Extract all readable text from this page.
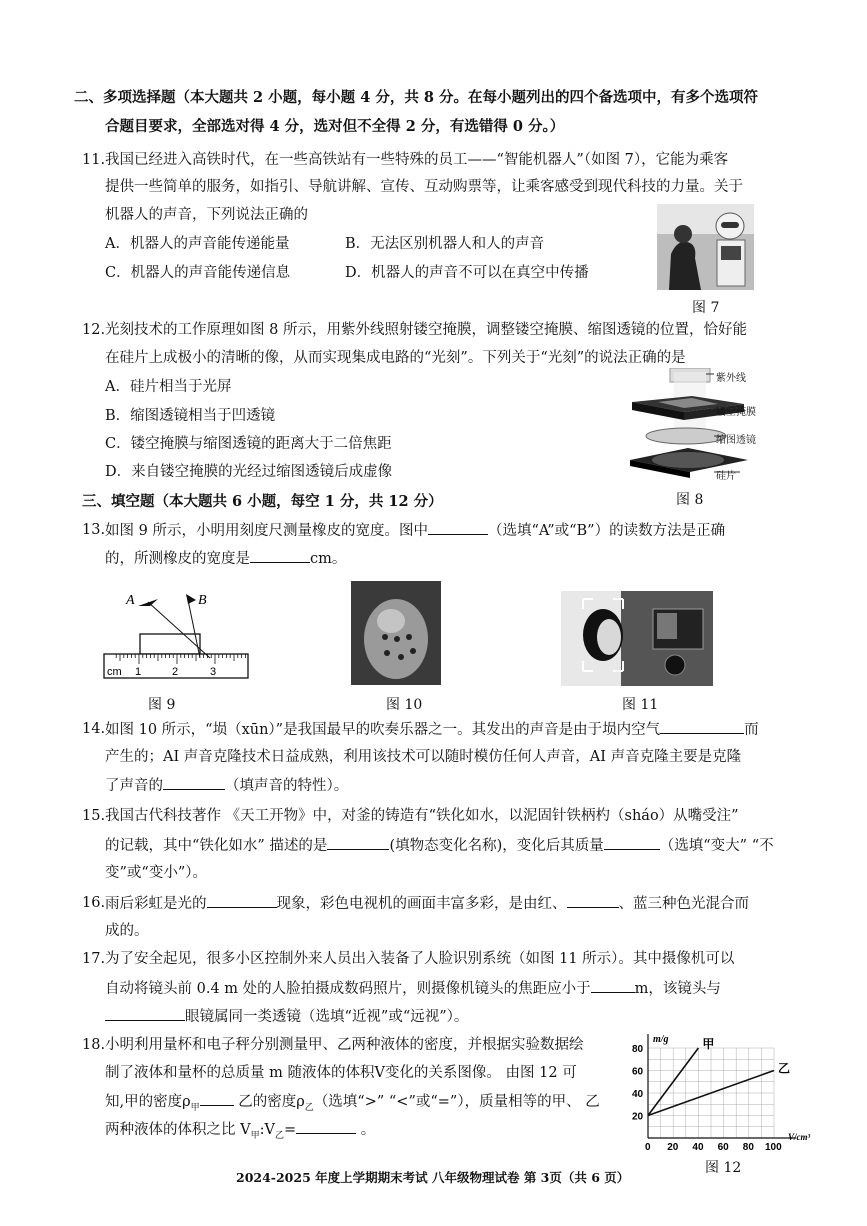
二、多项选择题（本大题共 2 小题，每小题 4 分，共 8 分。在每小题列出的四个备选项中，有多个选项符
合题目要求，全部选对得 4 分，选对但不全得 2 分，有选错得 0 分。）
11. 我国已经进入高铁时代，在一些高铁站有一些特殊的员工——“智能机器人”（如图 7），它能为乘客
提供一些简单的服务，如指引、导航讲解、宣传、互动购票等，让乘客感受到现代科技的力量。关于
机器人的声音，下列说法正确的
A．机器人的声音能传递能量	B．无法区别机器人和人的声音
C．机器人的声音能传递信息	D．机器人的声音不可以在真空中传播
图 7
12. 光刻技术的工作原理如图 8 所示，用紫外线照射镂空掩膜，调整镂空掩膜、缩图透镜的位置，恰好能
在硅片上成极小的清晰的像，从而实现集成电路的“光刻”。下列关于“光刻”的说法正确的是
A．硅片相当于光屏
B．缩图透镜相当于凹透镜
C．镂空掩膜与缩图透镜的距离大于二倍焦距
D．来自镂空掩膜的光经过缩图透镜后成虚像
紫外线
镂空掩膜
缩图透镜
硅片
图 8
三、填空题（本大题共 6 小题，每空 1 分，共 12 分）
13. 如图 9 所示，小明用刻度尺测量橡皮的宽度。图中	（选填“A”或“B”）的读数方法是正确
的，所测橡皮的宽度是	cm。
A	B
cm 1	2	3
图 9	图 10	图 11
14. 如图 10 所示，“埙（xūn）”是我国最早的吹奏乐器之一。其发出的声音是由于埙内空气	而
产生的；AI 声音克隆技术日益成熟，利用该技术可以随时模仿任何人声音，AI 声音克隆主要是克隆
了声音的	（填声音的特性）。
15. 我国古代科技著作 《天工开物》中，对釜的铸造有“铁化如水，以泥固针铁柄杓（sháo）从嘴受注”
的记载，其中“铁化如水” 描述的是	(填物态变化名称)，变化后其质量	（选填“变大” “不
变”或“变小”）。
16. 雨后彩虹是光的	现象，彩色电视机的画面丰富多彩，是由红、	、蓝三种色光混合而
成的。
17. 为了安全起见，很多小区控制外来人员出入装备了人脸识别系统（如图 11 所示）。其中摄像机可以
自动将镜头前 0.4 m 处的人脸拍摄成数码照片，则摄像机镜头的焦距应小于	m，该镜头与
眼镜属同一类透镜（选填“近视”或“远视”）。
18. 小明利用量杯和电子秤分别测量甲、乙两种液体的密度，并根据实验数据绘
制了液体和量杯的总质量 m 随液体的体积V变化的关系图像。 由图 12 可
知,甲的密度$\rho_甲$ 乙的密度$\rho_乙$（选填“>” “<”或“=”），质量相等的甲、 乙
两种液体的体积之比 $V_甲:V_乙=$	。
m/g
V/cm³
0 20 40 60 80 100
20
40
60
80	甲
乙
图 12
2024-2025 年度上学期期末考试 八年级物理试卷 第 3页（共 6 页）
